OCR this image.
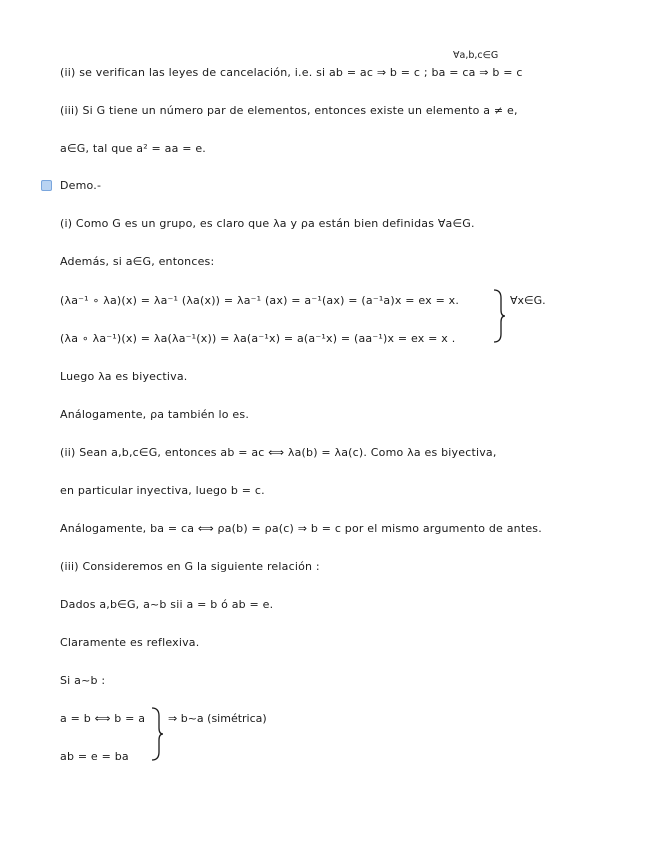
∀a,b,c∈G
(ii) se verifican las leyes de cancelación, i.e. si ab = ac ⇒ b = c ; ba = ca ⇒ b = c
(iii) Si G tiene un número par de elementos, entonces existe un elemento a ≠ e,
a∈G, tal que a² = aa = e.
Demo.-
(i) Como G es un grupo, es claro que λa y ρa están bien definidas ∀a∈G.
Además, si a∈G, entonces:
(λa⁻¹ ∘ λa)(x) = λa⁻¹ (λa(x)) = λa⁻¹ (ax) = a⁻¹(ax) = (a⁻¹a)x = ex = x.
(λa ∘ λa⁻¹)(x) = λa(λa⁻¹(x)) = λa(a⁻¹x) = a(a⁻¹x) = (aa⁻¹)x = ex = x .
∀x∈G.
Luego λa es biyectiva.
Análogamente, ρa también lo es.
(ii) Sean a,b,c∈G, entonces ab = ac ⟺ λa(b) = λa(c). Como λa es biyectiva,
en particular inyectiva, luego b = c.
Análogamente, ba = ca ⟺ ρa(b) = ρa(c) ⇒ b = c por el mismo argumento de antes.
(iii) Consideremos en G la siguiente relación :
Dados a,b∈G, a~b sii a = b ó ab = e.
Claramente es reflexiva.
Si a~b :
a = b ⟺ b = a
ab = e = ba
⇒ b~a (simétrica)
